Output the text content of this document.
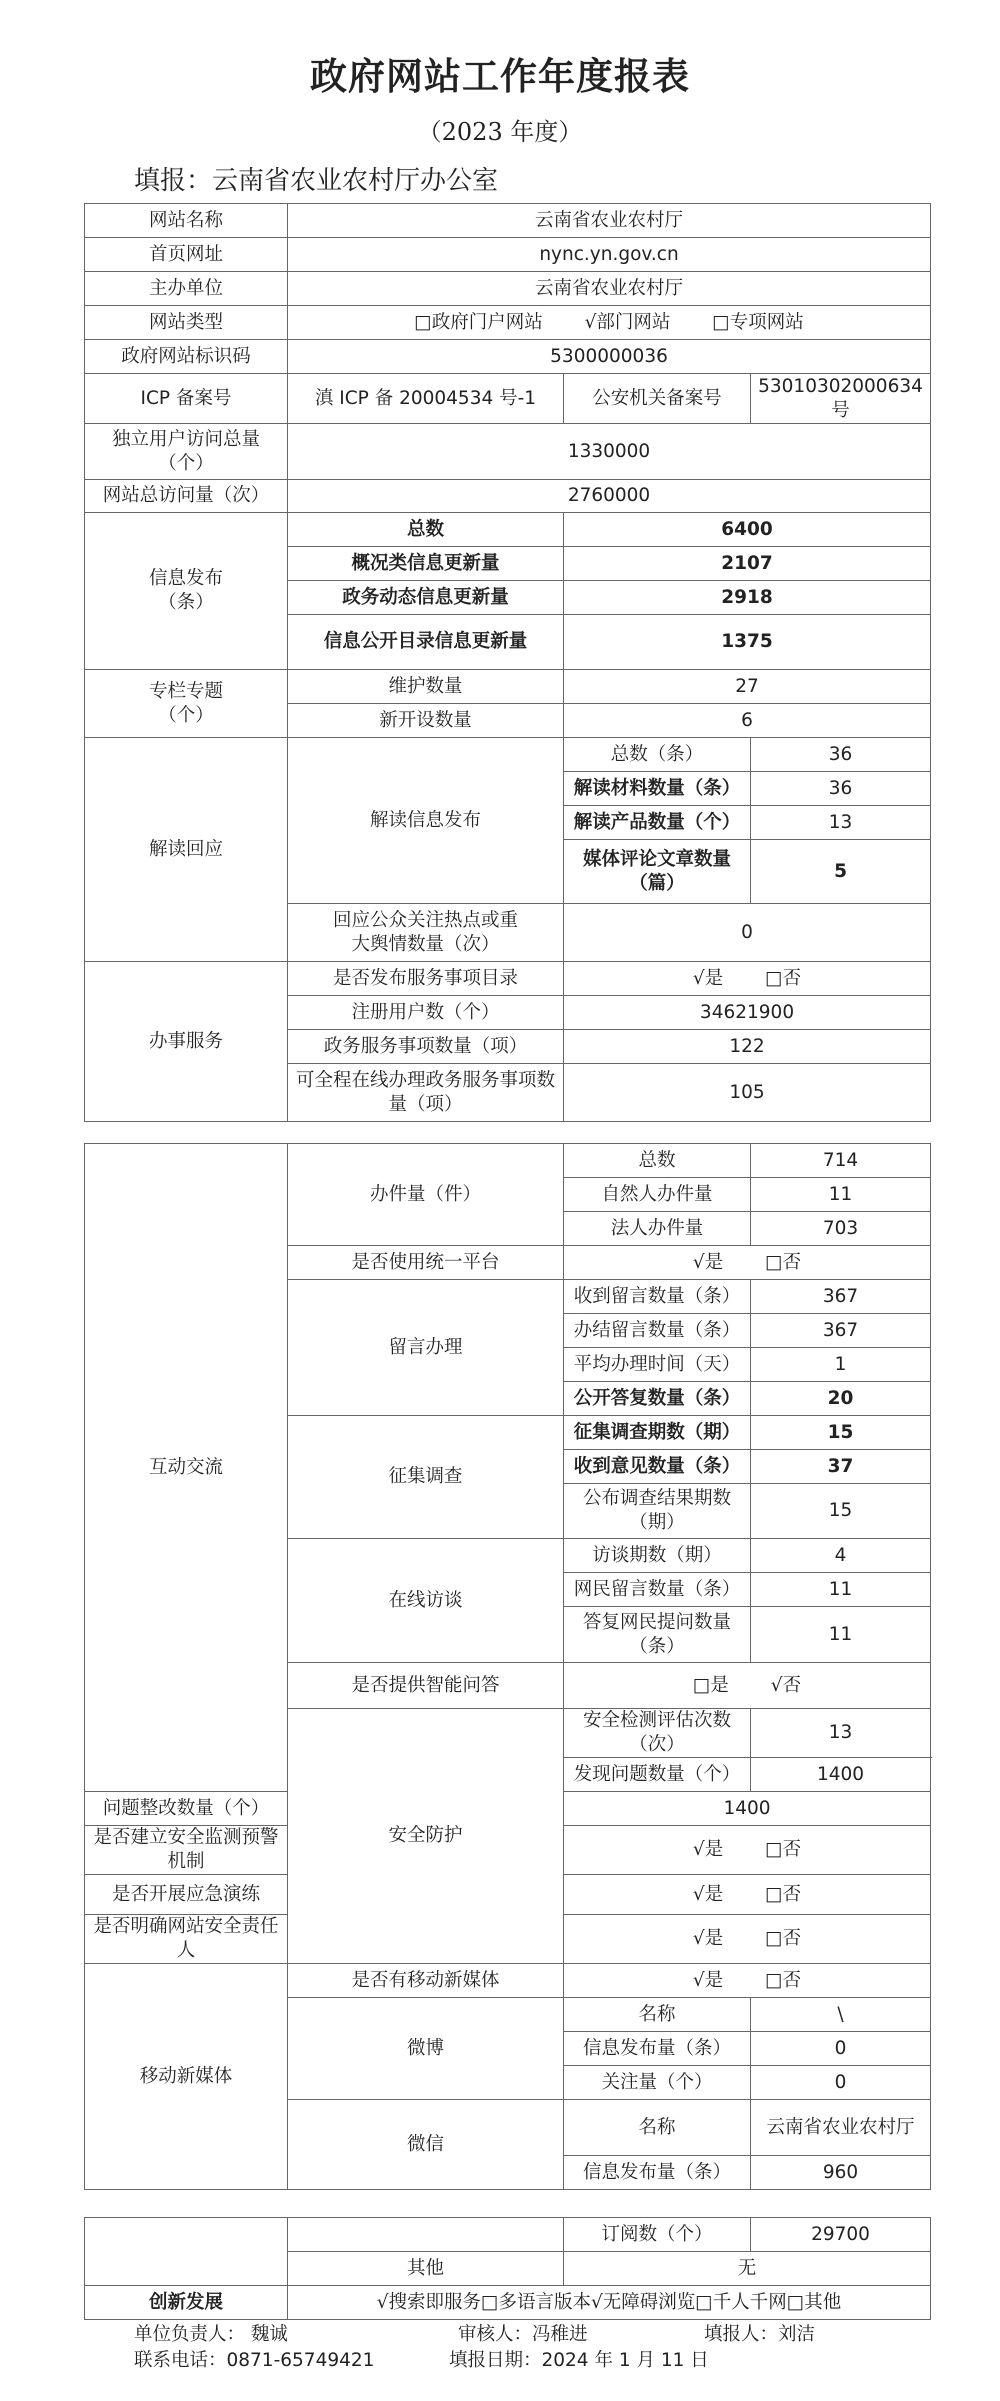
政府网站工作年度报表
（2023 年度）
填报：云南省农业农村厅办公室
网站名称	云南省农业农村厅		
首页网址	nync.yn.gov.cn		
主办单位	云南省农业农村厅		
网站类型	□政府门户网站 √部门网站 □专项网站		
政府网站标识码	5300000036		
ICP 备案号	滇 ICP 备 20004534 号-1	公安机关备案号	53010302000634号
独立用户访问总量（个）	1330000		
网站总访问量（次）	2760000		
信息发布（条）	总数	6400	
	概况类信息更新量	2107	
	政务动态信息更新量	2918	
	信息公开目录信息更新量	1375	
专栏专题（个）	维护数量	27	
	新开设数量	6	
解读回应	解读信息发布	总数（条）	36
		解读材料数量（条）	36
		解读产品数量（个）	13
		媒体评论文章数量（篇）	5
	回应公众关注热点或重大舆情数量（次）	0	
办事服务	是否发布服务事项目录	√是 □否	
	注册用户数（个）	34621900	
	政务服务事项数量（项）	122	
	可全程在线办理政务服务事项数量（项）	105	
互动交流	办件量（件）	总数	714
		自然人办件量	11
		法人办件量	703
	是否使用统一平台	√是 □否	
	留言办理	收到留言数量（条）	367
		办结留言数量（条）	367
		平均办理时间（天）	1
		公开答复数量（条）	20
	征集调查	征集调查期数（期）	15
		收到意见数量（条）	37
		公布调查结果期数（期）	15
	在线访谈	访谈期数（期）	4
		网民留言数量（条）	11
		答复网民提问数量（条）	11
	是否提供智能问答	□是 √否	
	安全防护	安全检测评估次数（次）	13
		发现问题数量（个）	1400
问题整改数量（个）		1400	
是否建立安全监测预警机制		√是 □否	
是否开展应急演练		√是 □否	
是否明确网站安全责任人		√是 □否	
移动新媒体	是否有移动新媒体	√是 □否	
	微博	名称	\
		信息发布量（条）	0
		关注量（个）	0
	微信	名称	云南省农业农村厅
		信息发布量（条）	960
		订阅数（个）	29700
	其他	无	
创新发展	√搜索即服务□多语言版本√无障碍浏览□千人千网□其他		
单位负责人： 魏诚	审核人：冯稚进	填报人：刘洁
联系电话：0871-65749421	填报日期：2024 年 1 月 11 日
